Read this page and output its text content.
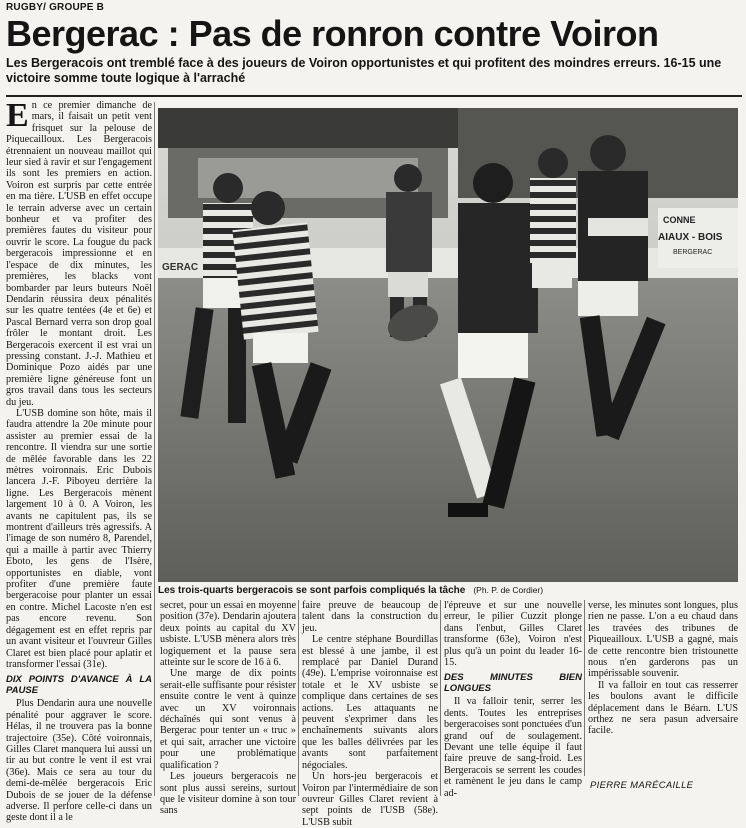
RUGBY/ GROUPE B
Bergerac : Pas de ronron contre Voiron
Les Bergeracois ont tremblé face à des joueurs de Voiron opportunistes et qui profitent des moindres erreurs. 16-15 une victoire somme toute logique à l'arraché

En ce premier dimanche de mars, il faisait un petit vent frisquet sur la pelouse de Piquecailloux. Les Bergeracois étrennaient un nouveau maillot qui leur sied à ravir et sur l'engagement ils sont les premiers en action. Voiron est surpris par cette entrée en ma tière. L'USB en effet occupe le terrain adverse avec un certain bonheur et va profiter des premières fautes du visiteur pour ouvrir le score. La fougue du pack bergeracois impressionne et en l'espace de dix minutes, les premières, les blacks vont bombarder par leurs buteurs Noël Dendarin réussira deux pénalités sur les quatre tentées (4e et 6e) et Pascal Bernard verra son drop goal frôler le montant droit. Les Bergeracois exercent il est vrai un pressing constant. J.-J. Mathieu et Dominique Pozo aidés par une première ligne généreuse font un gros travail dans tous les secteurs du jeu.

L'USB domine son hôte, mais il faudra attendre la 20e minute pour assister au premier essai de la rencontre. Il viendra sur une sortie de mêlée favorable dans les 22 mètres voironnais. Eric Dubois lancera J.-F. Piboyeu derrière la ligne. Les Bergeracois mènent largement 10 à 0. A Voiron, les avants ne capitulent pas, ils se montrent d'ailleurs très agressifs. A l'image de son numéro 8, Parendel, qui a maille à partir avec Thierry Eboto, les gens de l'Isère, opportunistes en diable, vont profiter d'une première faute bergeracoise pour planter un essai en contre. Michel Lacoste n'en est pas encore revenu. Son dégagement est en effet repris par un avant visiteur et l'ouvreur Gilles Claret est bien placé pour aplatir et transformer l'essai (31e).

DIX POINTS D'AVANCE À LA PAUSE

Plus Dendarin aura une nouvelle pénalité pour aggraver le score. Hélas, il ne trouvera pas la bonne trajectoire (35e). Côté voironnais, Gilles Claret manquera lui aussi un tir au but contre le vent il est vrai (36e). Mais ce sera au tour du demi-de-mêlée bergeracois Eric Dubois de se jouer de la défense adverse. Il perfore celle-ci dans un geste dont il a le

CONNE
AIAUX - BOIS
BERGERAC
GERAC
Les trois-quarts bergeracois se sont parfois compliqués la tâche (Ph. P. de Cordier)

secret, pour un essai en moyenne position (37e). Dendarin ajoutera deux points au capital du XV usbiste. L'USB mènera alors très logiquement et la pause sera atteinte sur le score de 16 à 6.

Une marge de dix points serait-elle suffisante pour résister ensuite contre le vent à quinze avec un XV voironnais déchaînés qui sont venus à Bergerac pour tenter un « truc » et qui sait, arracher une victoire pour une problématique qualification ?

Les joueurs bergeracois ne sont plus aussi sereins, surtout que le visiteur domine à son tour sans

faire preuve de beaucoup de talent dans la construction du jeu.

Le centre stéphane Bourdillas est blessé à une jambe, il est remplacé par Daniel Durand (49e). L'emprise voironnaise est totale et le XV usbiste se complique dans certaines de ses actions. Les attaquants ne peuvent s'exprimer dans les enchaînements suivants alors que les balles délivrées par les avants sont parfaitement négociales.

Un hors-jeu bergeracois et Voiron par l'intermédiaire de son ouvreur Gilles Claret revient à sept points de l'USB (58e). L'USB subit

l'épreuve et sur une nouvelle erreur, le pilier Cuzzit plonge dans l'enbut, Gilles Claret transforme (63e), Voiron n'est plus qu'à un point du leader 16-15.

DES MINUTES BIEN LONGUES

Il va falloir tenir, serrer les dents. Toutes les entreprises bergeracoises sont ponctuées d'un grand ouf de soulagement. Devant une telle équipe il faut faire preuve de sang-froid. Les Bergeracois se serrent les coudes et ramènent le jeu dans le camp ad-

verse, les minutes sont longues, plus rien ne passe. L'on a eu chaud dans les travées des tribunes de Piqueailloux. L'USB a gagné, mais de cette rencontre bien tristounette nous n'en garderons pas un impérissable souvenir.

Il va falloir en tout cas resserrer les boulons avant le difficile déplacement dans le Béarn. L'US orthez ne sera pasun adversaire facile.

PIERRE MARÉCAILLE
